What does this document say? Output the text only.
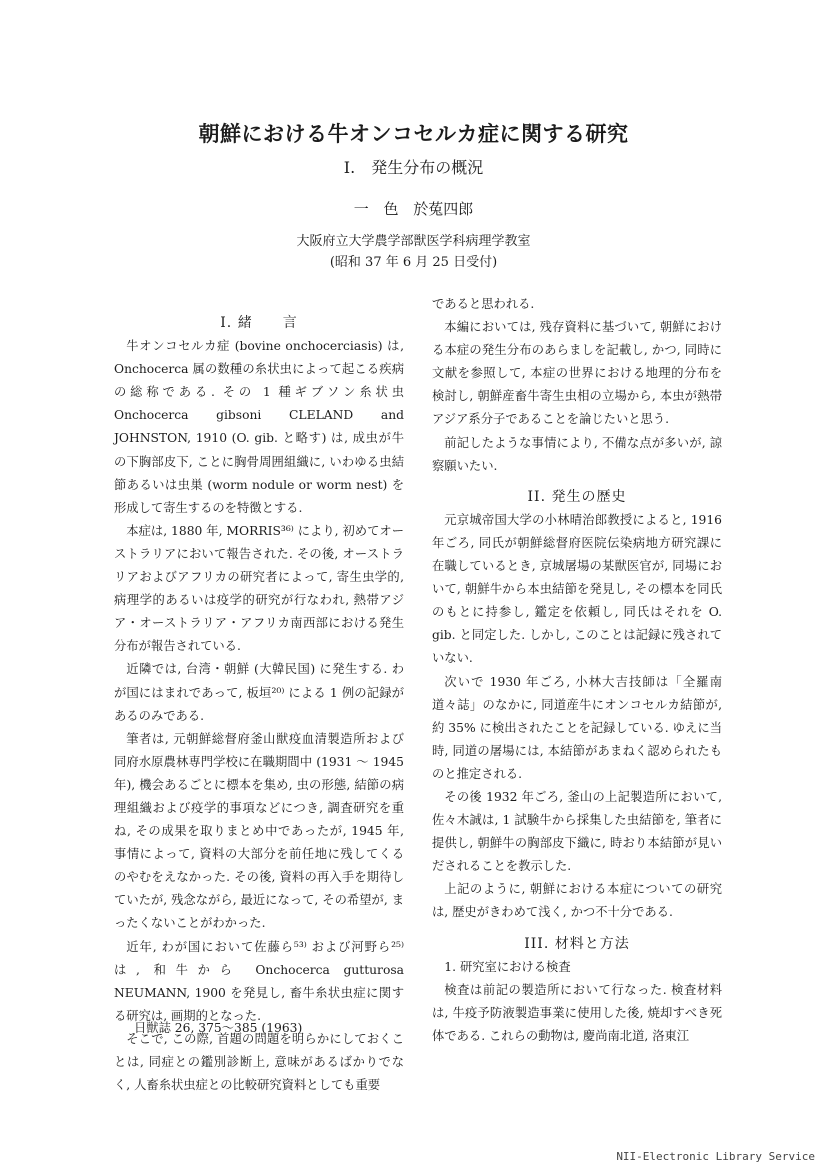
朝鮮における牛オンコセルカ症に関する研究

I.　発生分布の概況

一 色 於菟四郎

大阪府立大学農学部獣医学科病理学教室

(昭和 37 年 6 月 25 日受付)

I. 緒　　言

牛オンコセルカ症 (bovine onchocerciasis) は, Onchocerca 属の数種の糸状虫によって起こる疾病の総称である. その 1 種ギブソン糸状虫 Onchocerca gibsoni CLELAND and JOHNSTON, 1910 (O. gib. と略す) は, 成虫が牛の下胸部皮下, ことに胸骨周囲組織に, いわゆる虫結節あるいは虫巣 (worm nodule or worm nest) を形成して寄生するのを特徴とする.

本症は, 1880 年, MORRIS³⁶⁾ により, 初めてオーストラリアにおいて報告された. その後, オーストラリアおよびアフリカの研究者によって, 寄生虫学的, 病理学的あるいは疫学的研究が行なわれ, 熱帯アジア・オーストラリア・アフリカ南西部における発生分布が報告されている.

近隣では, 台湾・朝鮮 (大韓民国) に発生する. わが国にはまれであって, 板垣²⁰⁾ による 1 例の記録があるのみである.

筆者は, 元朝鮮総督府釜山獣疫血清製造所および同府水原農林専門学校に在職期間中 (1931 ～ 1945 年), 機会あるごとに標本を集め, 虫の形態, 結節の病理組織および疫学的事項などにつき, 調査研究を重ね, その成果を取りまとめ中であったが, 1945 年, 事情によって, 資料の大部分を前任地に残してくるのやむをえなかった. その後, 資料の再入手を期待していたが, 残念ながら, 最近になって, その希望が, まったくないことがわかった.

近年, わが国において佐藤ら⁵³⁾ および河野ら²⁵⁾ は, 和牛から Onchocerca gutturosa NEUMANN, 1900 を発見し, 畜牛糸状虫症に関する研究は, 画期的となった.

そこで, この際, 首題の問題を明らかにしておくことは, 同症との鑑別診断上, 意味があるばかりでなく, 人畜糸状虫症との比較研究資料としても重要

であると思われる.

本編においては, 残存資料に基づいて, 朝鮮における本症の発生分布のあらましを記載し, かつ, 同時に文献を参照して, 本症の世界における地理的分布を検討し, 朝鮮産畜牛寄生虫相の立場から, 本虫が熱帯アジア系分子であることを論じたいと思う.

前記したような事情により, 不備な点が多いが, 諒察願いたい.

II. 発生の歴史

元京城帝国大学の小林晴治郎教授によると, 1916 年ごろ, 同氏が朝鮮総督府医院伝染病地方研究課に在職しているとき, 京城屠場の某獣医官が, 同場において, 朝鮮牛から本虫結節を発見し, その標本を同氏のもとに持参し, 鑑定を依頼し, 同氏はそれを O. gib. と同定した. しかし, このことは記録に残されていない.

次いで 1930 年ごろ, 小林大吉技師は「全羅南道々誌」のなかに, 同道産牛にオンコセルカ結節が, 約 35% に検出されたことを記録している. ゆえに当時, 同道の屠場には, 本結節があまねく認められたものと推定される.

その後 1932 年ごろ, 釜山の上記製造所において, 佐々木誠は, 1 試験牛から採集した虫結節を, 筆者に提供し, 朝鮮牛の胸部皮下織に, 時おり本結節が見いだされることを教示した.

上記のように, 朝鮮における本症についての研究は, 歴史がきわめて浅く, かつ不十分である.

III. 材料と方法
1. 研究室における検査

検査は前記の製造所において行なった. 検査材料は, 牛疫予防液製造事業に使用した後, 焼却すべき死体である. これらの動物は, 慶尚南北道, 洛東江

日獣誌 26, 375～385 (1963)

NII-Electronic Library Service
